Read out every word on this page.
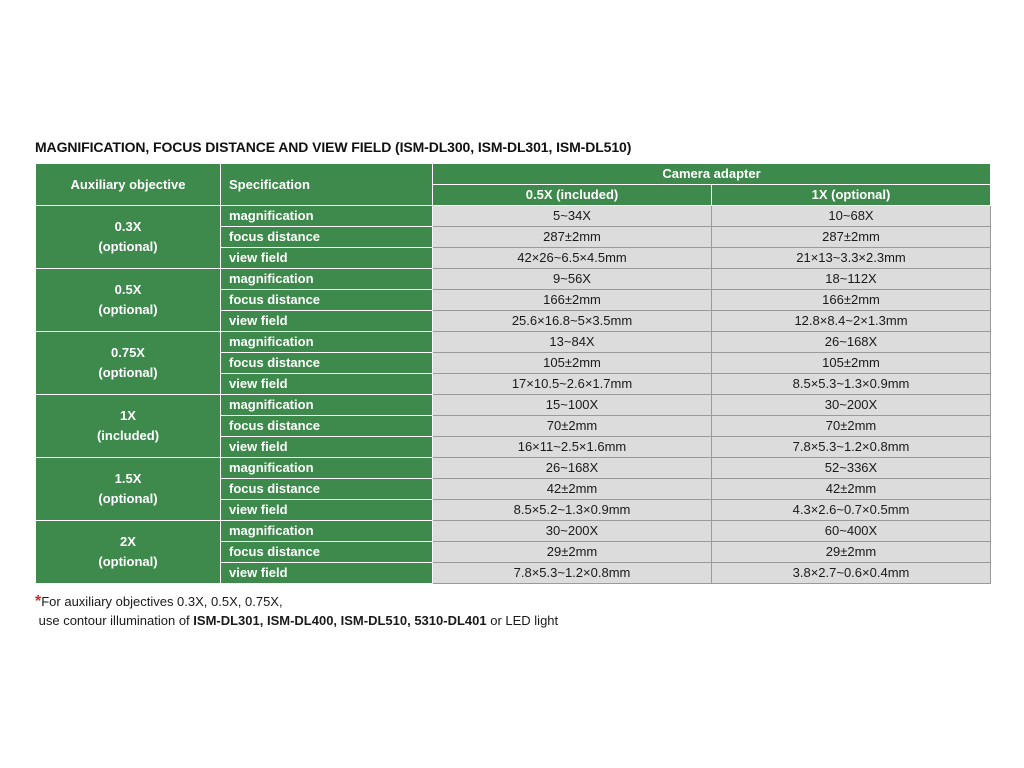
MAGNIFICATION, FOCUS DISTANCE AND VIEW FIELD (ISM-DL300, ISM-DL301, ISM-DL510)
Auxiliary objective	Specification	Camera adapter	
		0.5X (included)	1X (optional)

0.3X
(optional)	magnification	5~34X	10~68X
	focus distance	287±2mm	287±2mm
	view field	42×26~6.5×4.5mm	21×13~3.3×2.3mm

0.5X
(optional)	magnification	9~56X	18~112X
	focus distance	166±2mm	166±2mm
	view field	25.6×16.8~5×3.5mm	12.8×8.4~2×1.3mm

0.75X
(optional)	magnification	13~84X	26~168X
	focus distance	105±2mm	105±2mm
	view field	17×10.5~2.6×1.7mm	8.5×5.3~1.3×0.9mm

1X
(included)	magnification	15~100X	30~200X
	focus distance	70±2mm	70±2mm
	view field	16×11~2.5×1.6mm	7.8×5.3~1.2×0.8mm

1.5X
(optional)	magnification	26~168X	52~336X
	focus distance	42±2mm	42±2mm
	view field	8.5×5.2~1.3×0.9mm	4.3×2.6~0.7×0.5mm

2X
(optional)	magnification	30~200X	60~400X
	focus distance	29±2mm	29±2mm
	view field	7.8×5.3~1.2×0.8mm	3.8×2.7~0.6×0.4mm
*For auxiliary objectives 0.3X, 0.5X, 0.75X,
use contour illumination of ISM-DL301, ISM-DL400, ISM-DL510, 5310-DL401 or LED light
